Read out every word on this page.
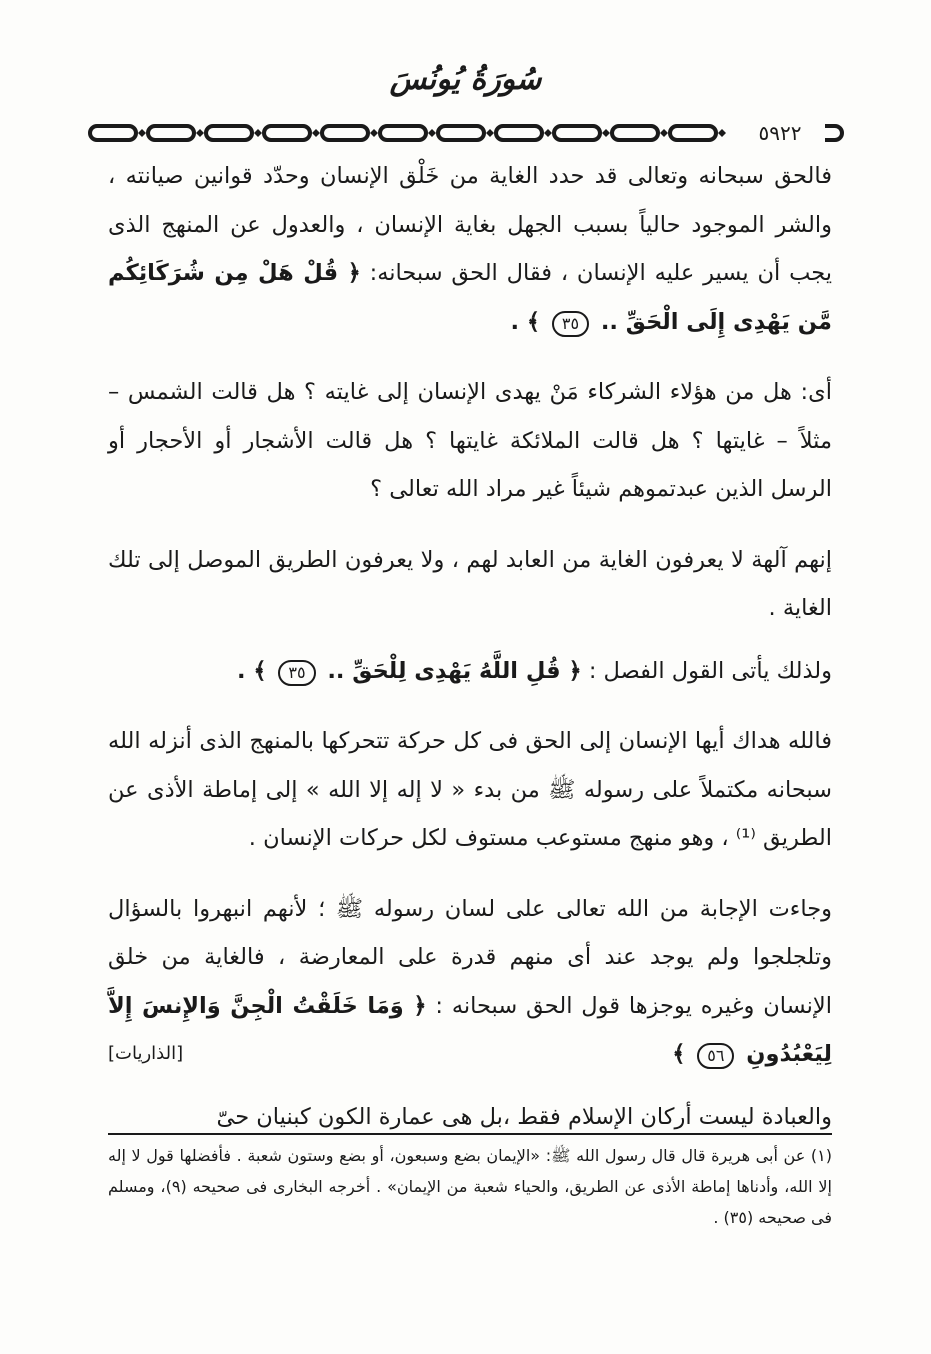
سُورَةُ يُونُسَ
٥٩٢٢

فالحق سبحانه وتعالى قد حدد الغاية من خَلْق الإنسان وحدّد قوانين صيانته ، والشر الموجود حالياً بسبب الجهل بغاية الإنسان ، والعدول عن المنهج الذى يجب أن يسير عليه الإنسان ، فقال الحق سبحانه: ﴿ قُلْ هَلْ مِن شُرَكَائِكُم مَّن يَهْدِى إِلَى الْحَقِّ .. ٣٥ ﴾ .

أى: هل من هؤلاء الشركاء مَنْ يهدى الإنسان إلى غايته ؟ هل قالت الشمس – مثلاً – غايتها ؟ هل قالت الملائكة غايتها ؟ هل قالت الأشجار أو الأحجار أو الرسل الذين عبدتموهم شيئاً غير مراد الله تعالى ؟

إنهم آلهة لا يعرفون الغاية من العابد لهم ، ولا يعرفون الطريق الموصل إلى تلك الغاية .

ولذلك يأتى القول الفصل : ﴿ قُلِ اللَّهُ يَهْدِى لِلْحَقِّ .. ٣٥ ﴾ .

فالله هداك أيها الإنسان إلى الحق فى كل حركة تتحركها بالمنهج الذى أنزله الله سبحانه مكتملاً على رسوله ﷺ من بدء « لا إله إلا الله » إلى إماطة الأذى عن الطريق ⁽¹⁾ ، وهو منهج مستوعب مستوف لكل حركات الإنسان .

وجاءت الإجابة من الله تعالى على لسان رسوله ﷺ ؛ لأنهم انبهروا بالسؤال وتلجلجوا ولم يوجد عند أى منهم قدرة على المعارضة ، فالغاية من خلق الإنسان وغيره يوجزها قول الحق سبحانه : ﴿ وَمَا خَلَقْتُ الْجِنَّ وَالإِنسَ إِلاَّ لِيَعْبُدُونِ ٥٦ ﴾
[الذاريات]

والعبادة ليست أركان الإسلام فقط ،بل هى عمارة الكون كبنيان حىّ

(١) عن أبى هريرة قال قال رسول الله ﷺ: «الإيمان بضع وسبعون، أو بضع وستون شعبة . فأفضلها قول لا إله إلا الله، وأدناها إماطة الأذى عن الطريق، والحياء شعبة من الإيمان» . أخرجه البخارى فى صحيحه (٩)، ومسلم فى صحيحه (٣٥) .
